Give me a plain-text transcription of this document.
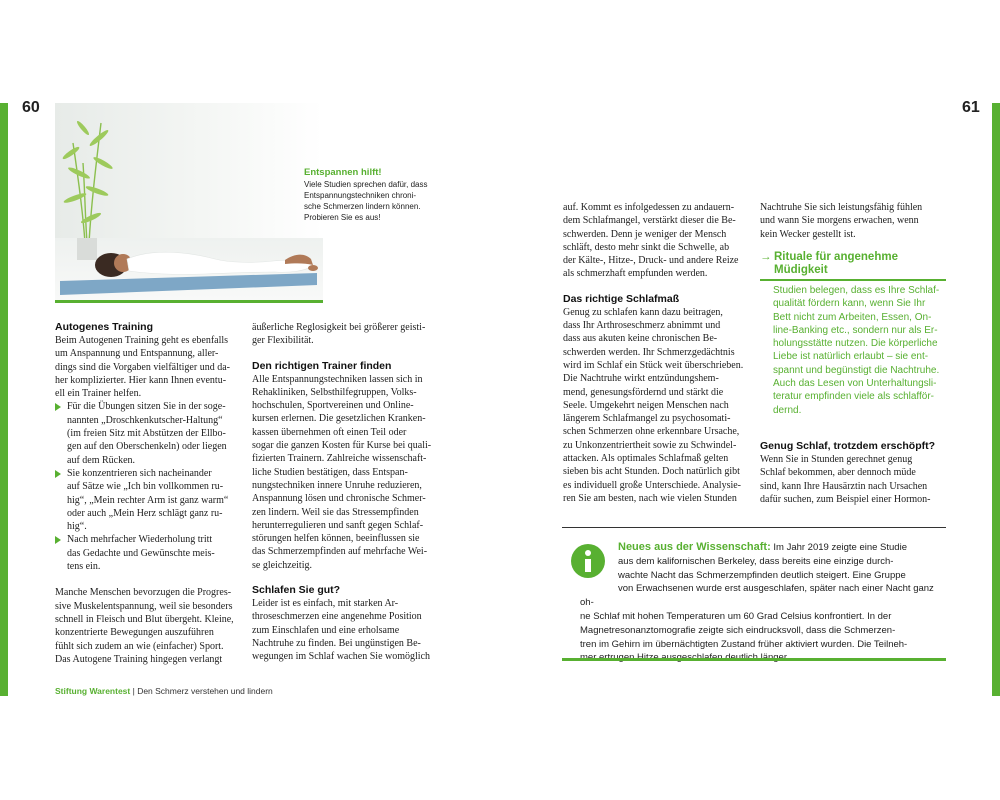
60	61
Entspannen hilft!
Viele Studien sprechen dafür, dass
Entspannungstechniken chroni-
sche Schmerzen lindern können.
Probieren Sie es aus!
Autogenes Training
Beim Autogenen Training geht es ebenfalls
um Anspannung und Entspannung, aller-
dings sind die Vorgaben vielfältiger und da-
her komplizierter. Hier kann Ihnen eventu-
ell ein Trainer helfen.
Für die Übungen sitzen Sie in der soge-
nannten „Droschkenkutscher-Haltung“
(im freien Sitz mit Abstützen der Ellbo-
gen auf den Oberschenkeln) oder liegen
auf dem Rücken.
Sie konzentrieren sich nacheinander
auf Sätze wie „Ich bin vollkommen ru-
hig“, „Mein rechter Arm ist ganz warm“
oder auch „Mein Herz schlägt ganz ru-
hig“.
Nach mehrfacher Wiederholung tritt
das Gedachte und Gewünschte meis-
tens ein.
Manche Menschen bevorzugen die Progres-
sive Muskelentspannung, weil sie besonders
schnell in Fleisch und Blut übergeht. Kleine,
konzentrierte Bewegungen auszuführen
fühlt sich zudem an wie (einfacher) Sport.
Das Autogene Training hingegen verlangt
äußerliche Reglosigkeit bei größerer geisti-
ger Flexibilität.
Den richtigen Trainer finden
Alle Entspannungstechniken lassen sich in
Rehakliniken, Selbsthilfegruppen, Volks-
hochschulen, Sportvereinen und Online-
kursen erlernen. Die gesetzlichen Kranken-
kassen übernehmen oft einen Teil oder
sogar die ganzen Kosten für Kurse bei quali-
fizierten Trainern. Zahlreiche wissenschaft-
liche Studien bestätigen, dass Entspan-
nungstechniken innere Unruhe reduzieren,
Anspannung lösen und chronische Schmer-
zen lindern. Weil sie das Stressempfinden
herunterregulieren und sanft gegen Schlaf-
störungen helfen können, beeinflussen sie
das Schmerzempfinden auf mehrfache Wei-
se gleichzeitig.
Schlafen Sie gut?
Leider ist es einfach, mit starken Ar-
throseschmerzen eine angenehme Position
zum Einschlafen und eine erholsame
Nachtruhe zu finden. Bei ungünstigen Be-
wegungen im Schlaf wachen Sie womöglich
auf. Kommt es infolgedessen zu andauern-
dem Schlafmangel, verstärkt dieser die Be-
schwerden. Denn je weniger der Mensch
schläft, desto mehr sinkt die Schwelle, ab
der Kälte-, Hitze-, Druck- und andere Reize
als schmerzhaft empfunden werden.
Das richtige Schlafmaß
Genug zu schlafen kann dazu beitragen,
dass Ihr Arthroseschmerz abnimmt und
dass aus akuten keine chronischen Be-
schwerden werden. Ihr Schmerzgedächtnis
wird im Schlaf ein Stück weit überschrieben.
Die Nachtruhe wirkt entzündungshem-
mend, genesungsfördernd und stärkt die
Seele. Umgekehrt neigen Menschen nach
längerem Schlafmangel zu psychosomati-
schen Schmerzen ohne erkennbare Ursache,
zu Unkonzentriertheit sowie zu Schwindel-
attacken. Als optimales Schlafmaß gelten
sieben bis acht Stunden. Doch natürlich gibt
es individuell große Unterschiede. Analysie-
ren Sie am besten, nach wie vielen Stunden
Nachtruhe Sie sich leistungsfähig fühlen
und wann Sie morgens erwachen, wenn
kein Wecker gestellt ist.
→ Rituale für angenehme
Müdigkeit
Studien belegen, dass es Ihre Schlaf-
qualität fördern kann, wenn Sie Ihr
Bett nicht zum Arbeiten, Essen, On-
line-Banking etc., sondern nur als Er-
holungsstätte nutzen. Die körperliche
Liebe ist natürlich erlaubt – sie ent-
spannt und begünstigt die Nachtruhe.
Auch das Lesen von Unterhaltungsli-
teratur empfinden viele als schlafför-
dernd.
Genug Schlaf, trotzdem erschöpft?
Wenn Sie in Stunden gerechnet genug
Schlaf bekommen, aber dennoch müde
sind, kann Ihre Hausärztin nach Ursachen
dafür suchen, zum Beispiel einer Hormon-
Neues aus der Wissenschaft: Im Jahr 2019 zeigte eine Studie
aus dem kalifornischen Berkeley, dass bereits eine einzige durch-
wachte Nacht das Schmerzempfinden deutlich steigert. Eine Gruppe
von Erwachsenen wurde erst ausgeschlafen, später nach einer Nacht ganz oh-
ne Schlaf mit hohen Temperaturen um 60 Grad Celsius konfrontiert. In der
Magnetresonanztomografie zeigte sich eindrucksvoll, dass die Schmerzen-
tren im Gehirn im übernächtigten Zustand früher aktiviert wurden. Die Teilneh-
Stiftung Warentest | Den Schmerz verstehen und lindern
